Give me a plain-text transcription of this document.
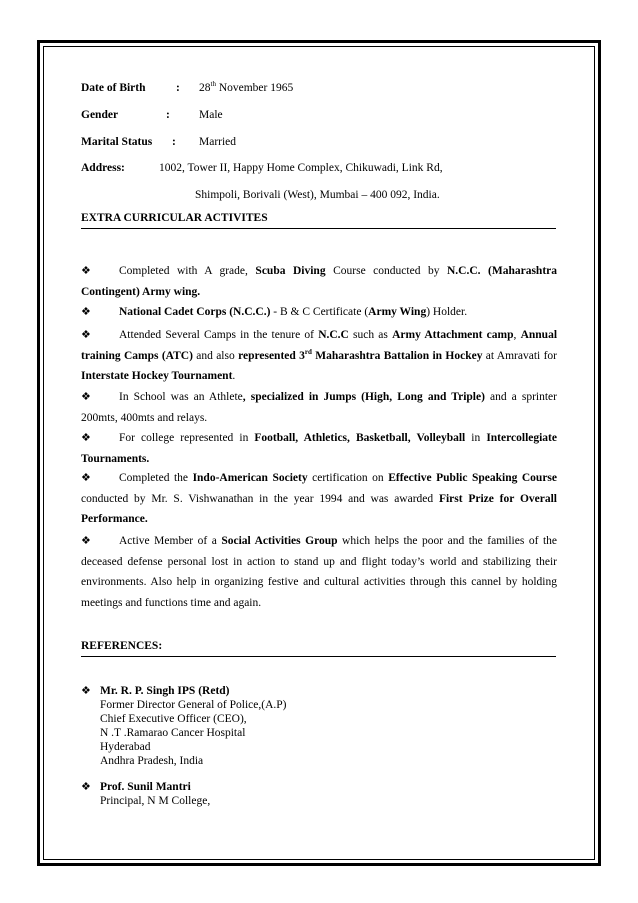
Date of Birth	: 28th November 1965
Gender	:	Male
Marital Status : Married
Address:	1002, Tower II, Happy Home Complex, Chikuwadi, Link Rd,
Shimpoli, Borivali (West), Mumbai – 400 092, India.
EXTRA CURRICULAR ACTIVITES
❖ Completed with A grade, Scuba Diving Course conducted by N.C.C. (Maharashtra Contingent) Army wing.
❖ National Cadet Corps (N.C.C.) - B & C Certificate (Army Wing) Holder.
❖ Attended Several Camps in the tenure of N.C.C such as Army Attachment camp, Annual training Camps (ATC) and also represented 3rd Maharashtra Battalion in Hockey at Amravati for Interstate Hockey Tournament.
❖ In School was an Athlete, specialized in Jumps (High, Long and Triple) and a sprinter 200mts, 400mts and relays.
❖ For college represented in Football, Athletics, Basketball, Volleyball in Intercollegiate Tournaments.
❖ Completed the Indo-American Society certification on Effective Public Speaking Course conducted by Mr. S. Vishwanathan in the year 1994 and was awarded First Prize for Overall Performance.
❖ Active Member of a Social Activities Group which helps the poor and the families of the deceased defense personal lost in action to stand up and flight today’s world and stabilizing their environments. Also help in organizing festive and cultural activities through this cannel by holding meetings and functions time and again.
REFERENCES:
❖ Mr. R. P. Singh IPS (Retd)
Former Director General of Police,(A.P)
Chief Executive Officer (CEO),
N .T .Ramarao Cancer Hospital
Hyderabad
Andhra Pradesh, India
❖ Prof. Sunil Mantri
Principal, N M College,
